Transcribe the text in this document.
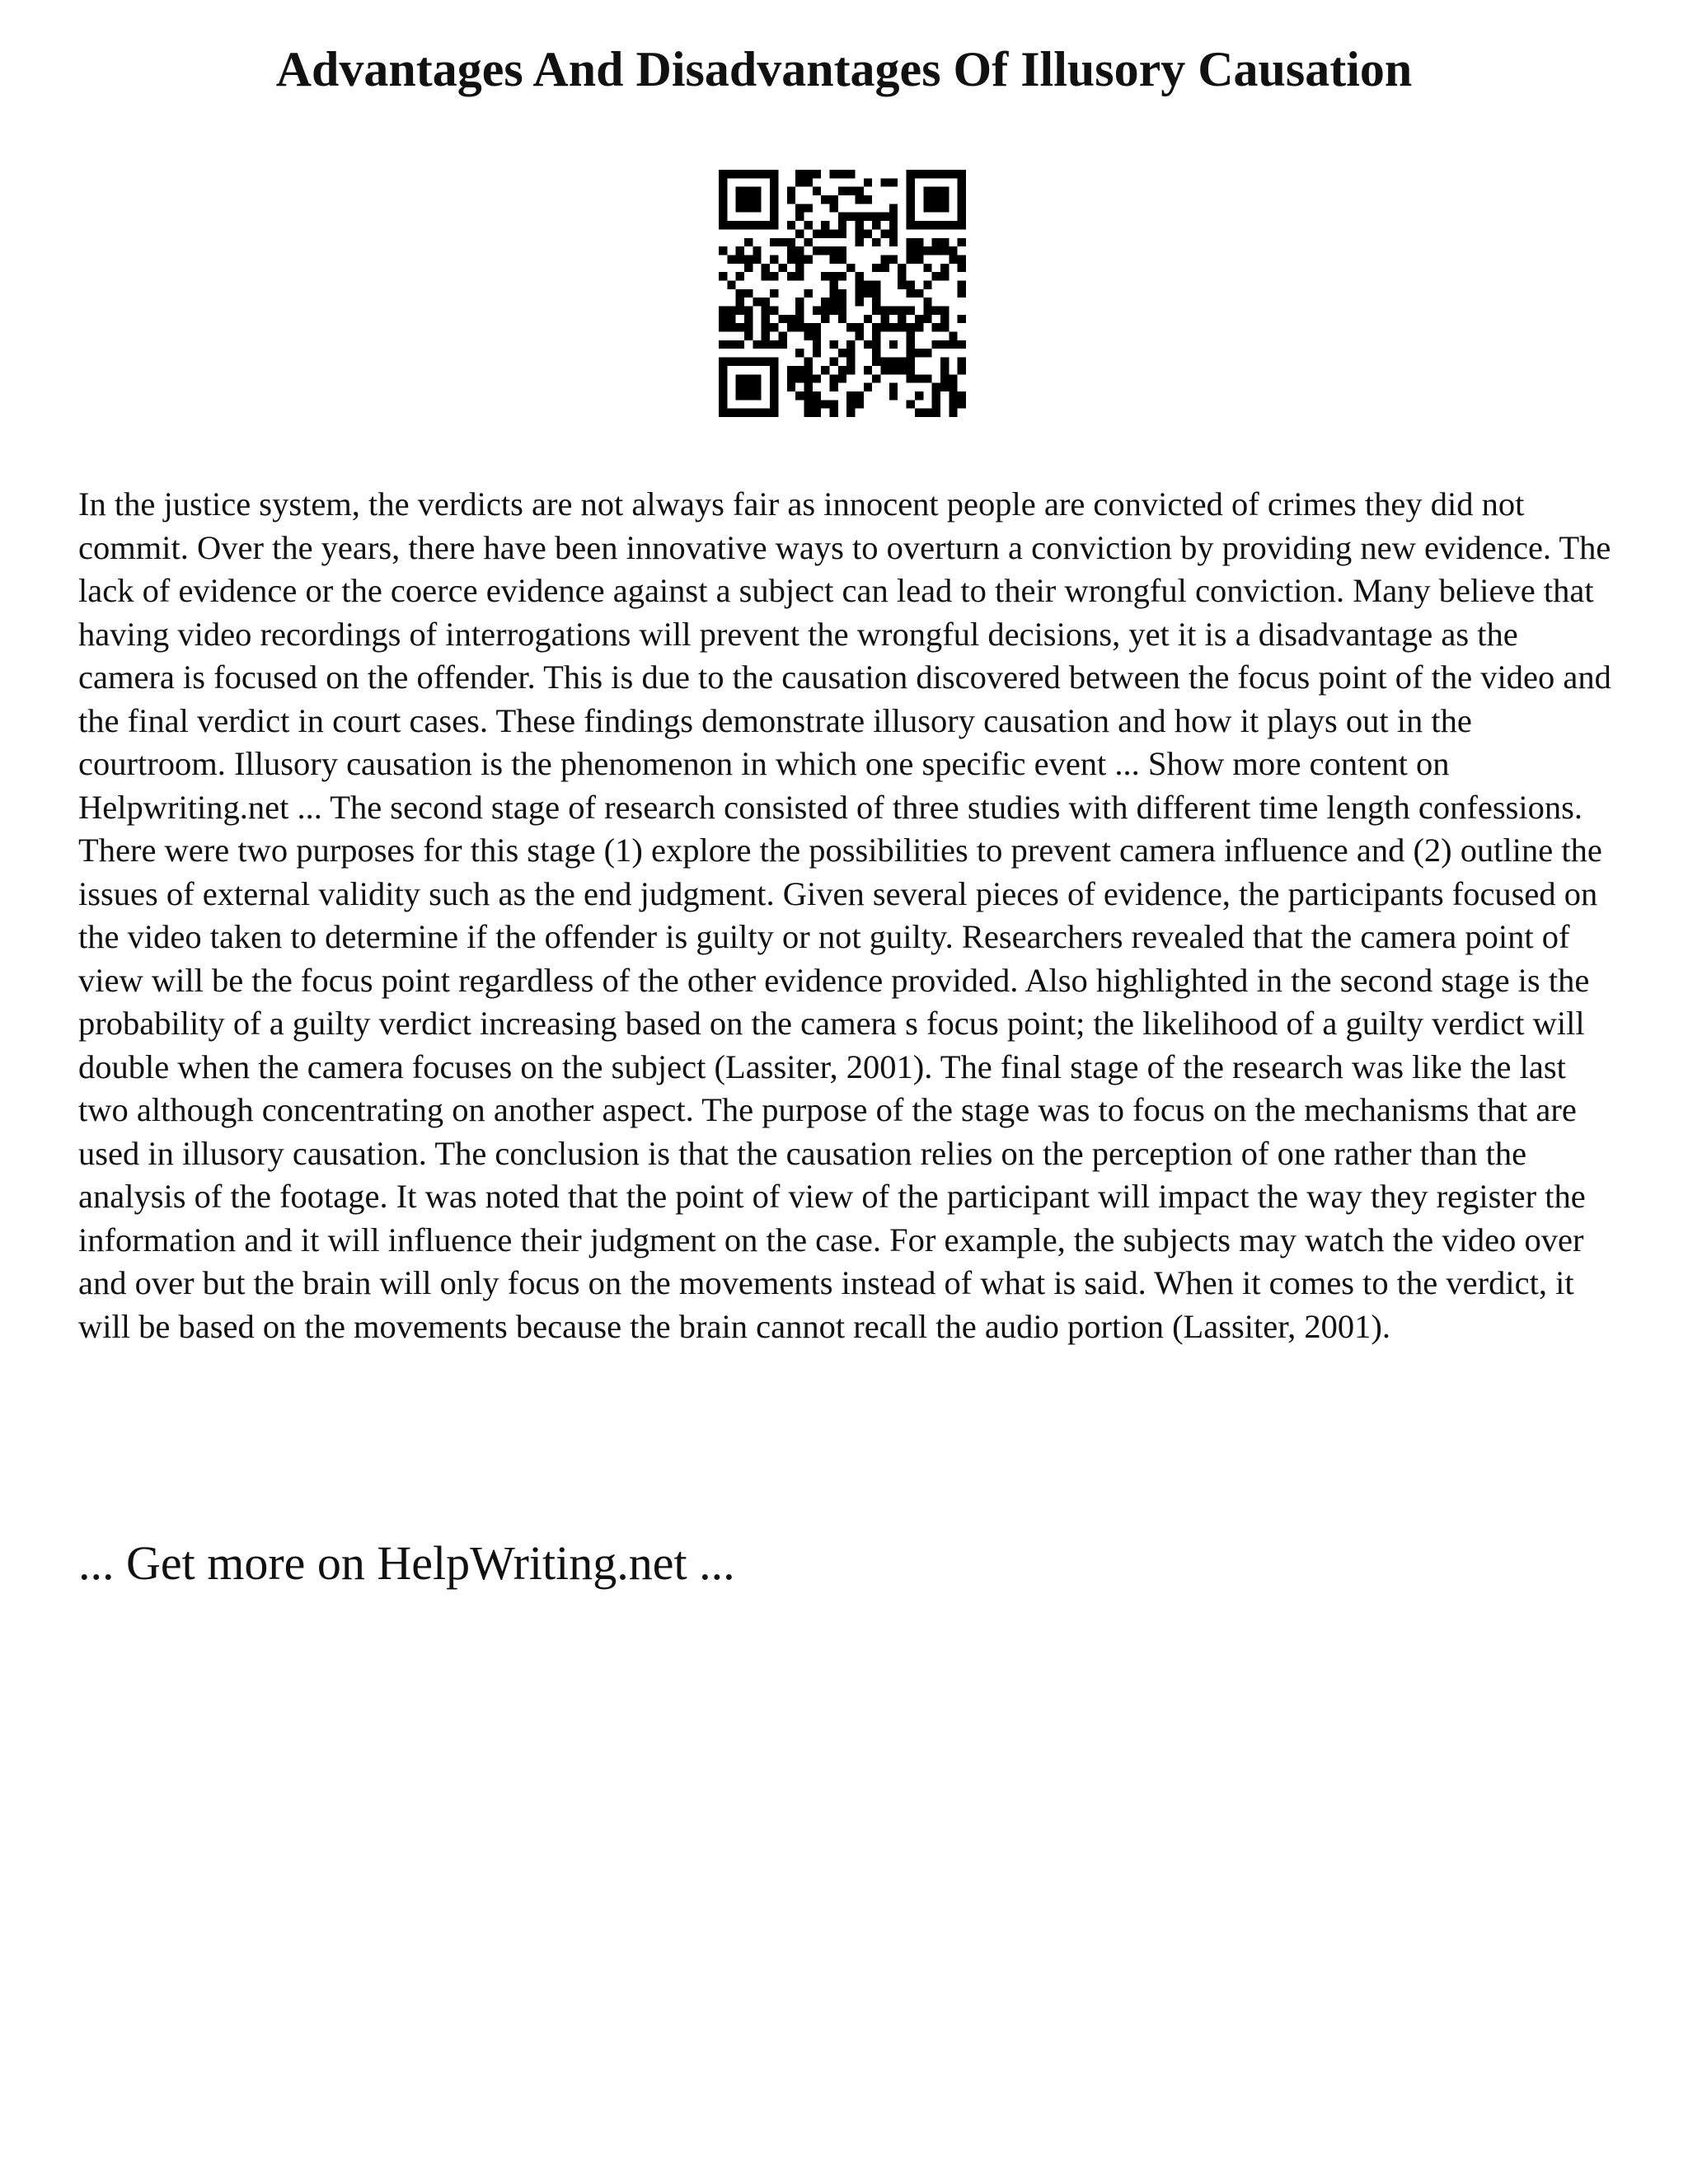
Advantages And Disadvantages Of Illusory Causation

In the justice system, the verdicts are not always fair as innocent people are convicted of crimes they did not commit. Over the years, there have been innovative ways to overturn a conviction by providing new evidence. The lack of evidence or the coerce evidence against a subject can lead to their wrongful conviction. Many believe that having video recordings of interrogations will prevent the wrongful decisions, yet it is a disadvantage as the camera is focused on the offender. This is due to the causation discovered between the focus point of the video and the final verdict in court cases. These findings demonstrate illusory causation and how it plays out in the courtroom. Illusory causation is the phenomenon in which one specific event ... Show more content on Helpwriting.net ... The second stage of research consisted of three studies with different time length confessions. There were two purposes for this stage (1) explore the possibilities to prevent camera influence and (2) outline the issues of external validity such as the end judgment. Given several pieces of evidence, the participants focused on the video taken to determine if the offender is guilty or not guilty. Researchers revealed that the camera point of view will be the focus point regardless of the other evidence provided. Also highlighted in the second stage is the probability of a guilty verdict increasing based on the camera s focus point; the likelihood of a guilty verdict will double when the camera focuses on the subject (Lassiter, 2001). The final stage of the research was like the last two although concentrating on another aspect. The purpose of the stage was to focus on the mechanisms that are used in illusory causation. The conclusion is that the causation relies on the perception of one rather than the analysis of the footage. It was noted that the point of view of the participant will impact the way they register the information and it will influence their judgment on the case. For example, the subjects may watch the video over and over but the brain will only focus on the movements instead of what is said. When it comes to the verdict, it will be based on the movements because the brain cannot recall the audio portion (Lassiter, 2001).

... Get more on HelpWriting.net ...
